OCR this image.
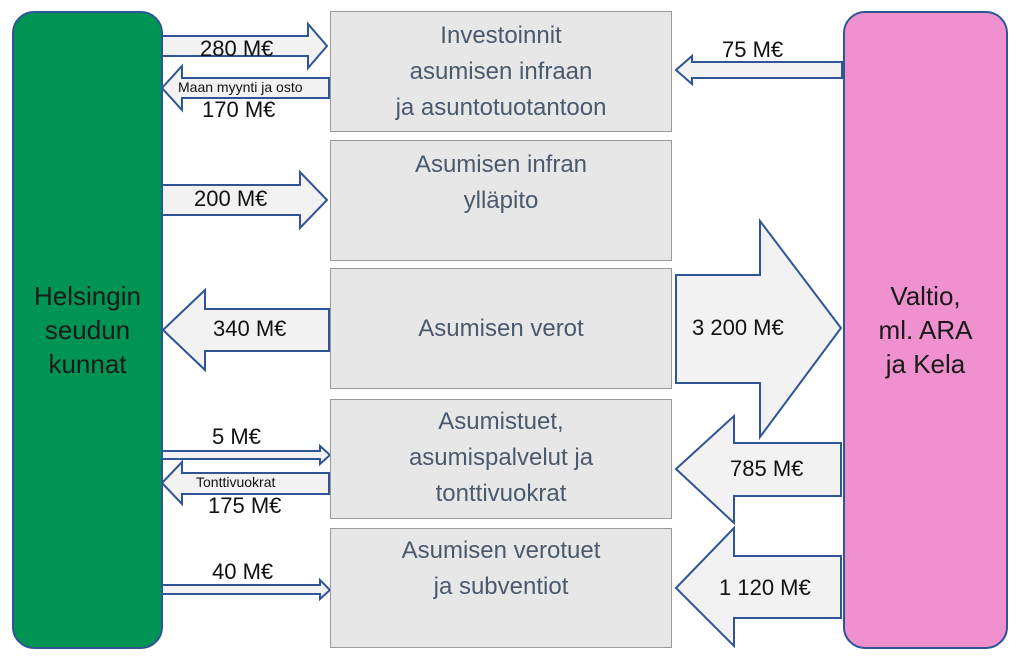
Helsingin
seudun
kunnat
Valtio,
ml. ARA
ja Kela
Investoinnit
asumisen infraan
ja asuntotuotantoon
Asumisen infran
ylläpito
Asumisen verot
Asumistuet,
asumispalvelut ja
tonttivuokrat
Asumisen verotuet
ja subventiot
280 M€
Maan myynti ja osto
170 M€
75 M€
200 M€
340 M€	3 200 M€
5 M€
Tonttivuokrat
175 M€
785 M€
40 M€
1 120 M€
